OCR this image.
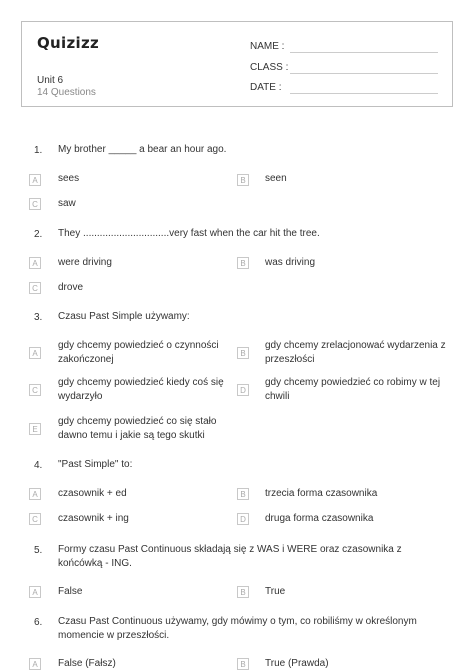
Quizizz
Unit 6
14 Questions
NAME :
CLASS :
DATE :
1. My brother _____ a bear an hour ago.
A	sees	B	seen
C	saw
2. They ...............................very fast when the car hit the tree.
A	were driving	B	was driving
C	drove
3. Czasu Past Simple używamy:
A
gdy chcemy powiedzieć o czynności zakończonej
B
gdy chcemy zrelacjonować wydarzenia z przeszłości
C
gdy chcemy powiedzieć kiedy coś się wydarzyło
D
gdy chcemy powiedzieć co robimy w tej chwili
E
gdy chcemy powiedzieć co się stało dawno temu i jakie są tego skutki
4. "Past Simple" to:
A	czasownik + ed	B	trzecia forma czasownika
C	czasownik + ing	D	druga forma czasownika
5. Formy czasu Past Continuous składają się z WAS i WERE oraz czasownika z końcówką - ING.
A	False	B	True
6. Czasu Past Continuous używamy, gdy mówimy o tym, co robiliśmy w określonym momencie w przeszłości.
A	False (Fałsz)	B	True (Prawda)
